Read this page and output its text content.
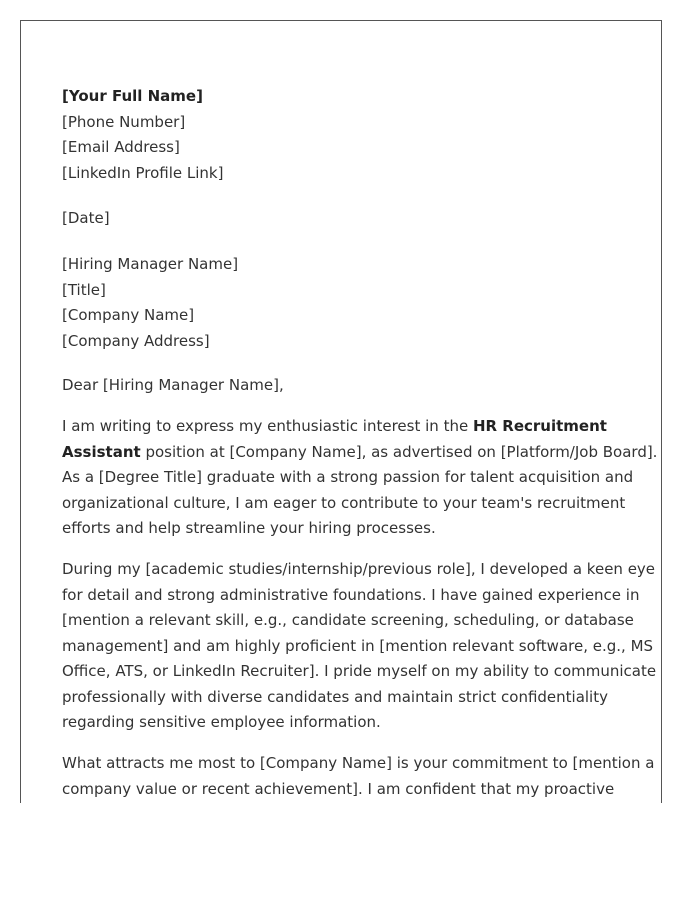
[Your Full Name]
[Phone Number]
[Email Address]
[LinkedIn Profile Link]
[Date]
[Hiring Manager Name]
[Title]
[Company Name]
[Company Address]
Dear [Hiring Manager Name],
I am writing to express my enthusiastic interest in the HR Recruitment
Assistant position at [Company Name], as advertised on [Platform/Job Board].
As a [Degree Title] graduate with a strong passion for talent acquisition and
organizational culture, I am eager to contribute to your team's recruitment
efforts and help streamline your hiring processes.
During my [academic studies/internship/previous role], I developed a keen eye
for detail and strong administrative foundations. I have gained experience in
[mention a relevant skill, e.g., candidate screening, scheduling, or database
management] and am highly proficient in [mention relevant software, e.g., MS
Office, ATS, or LinkedIn Recruiter]. I pride myself on my ability to communicate
professionally with diverse candidates and maintain strict confidentiality
regarding sensitive employee information.
What attracts me most to [Company Name] is your commitment to [mention a
company value or recent achievement]. I am confident that my proactive
